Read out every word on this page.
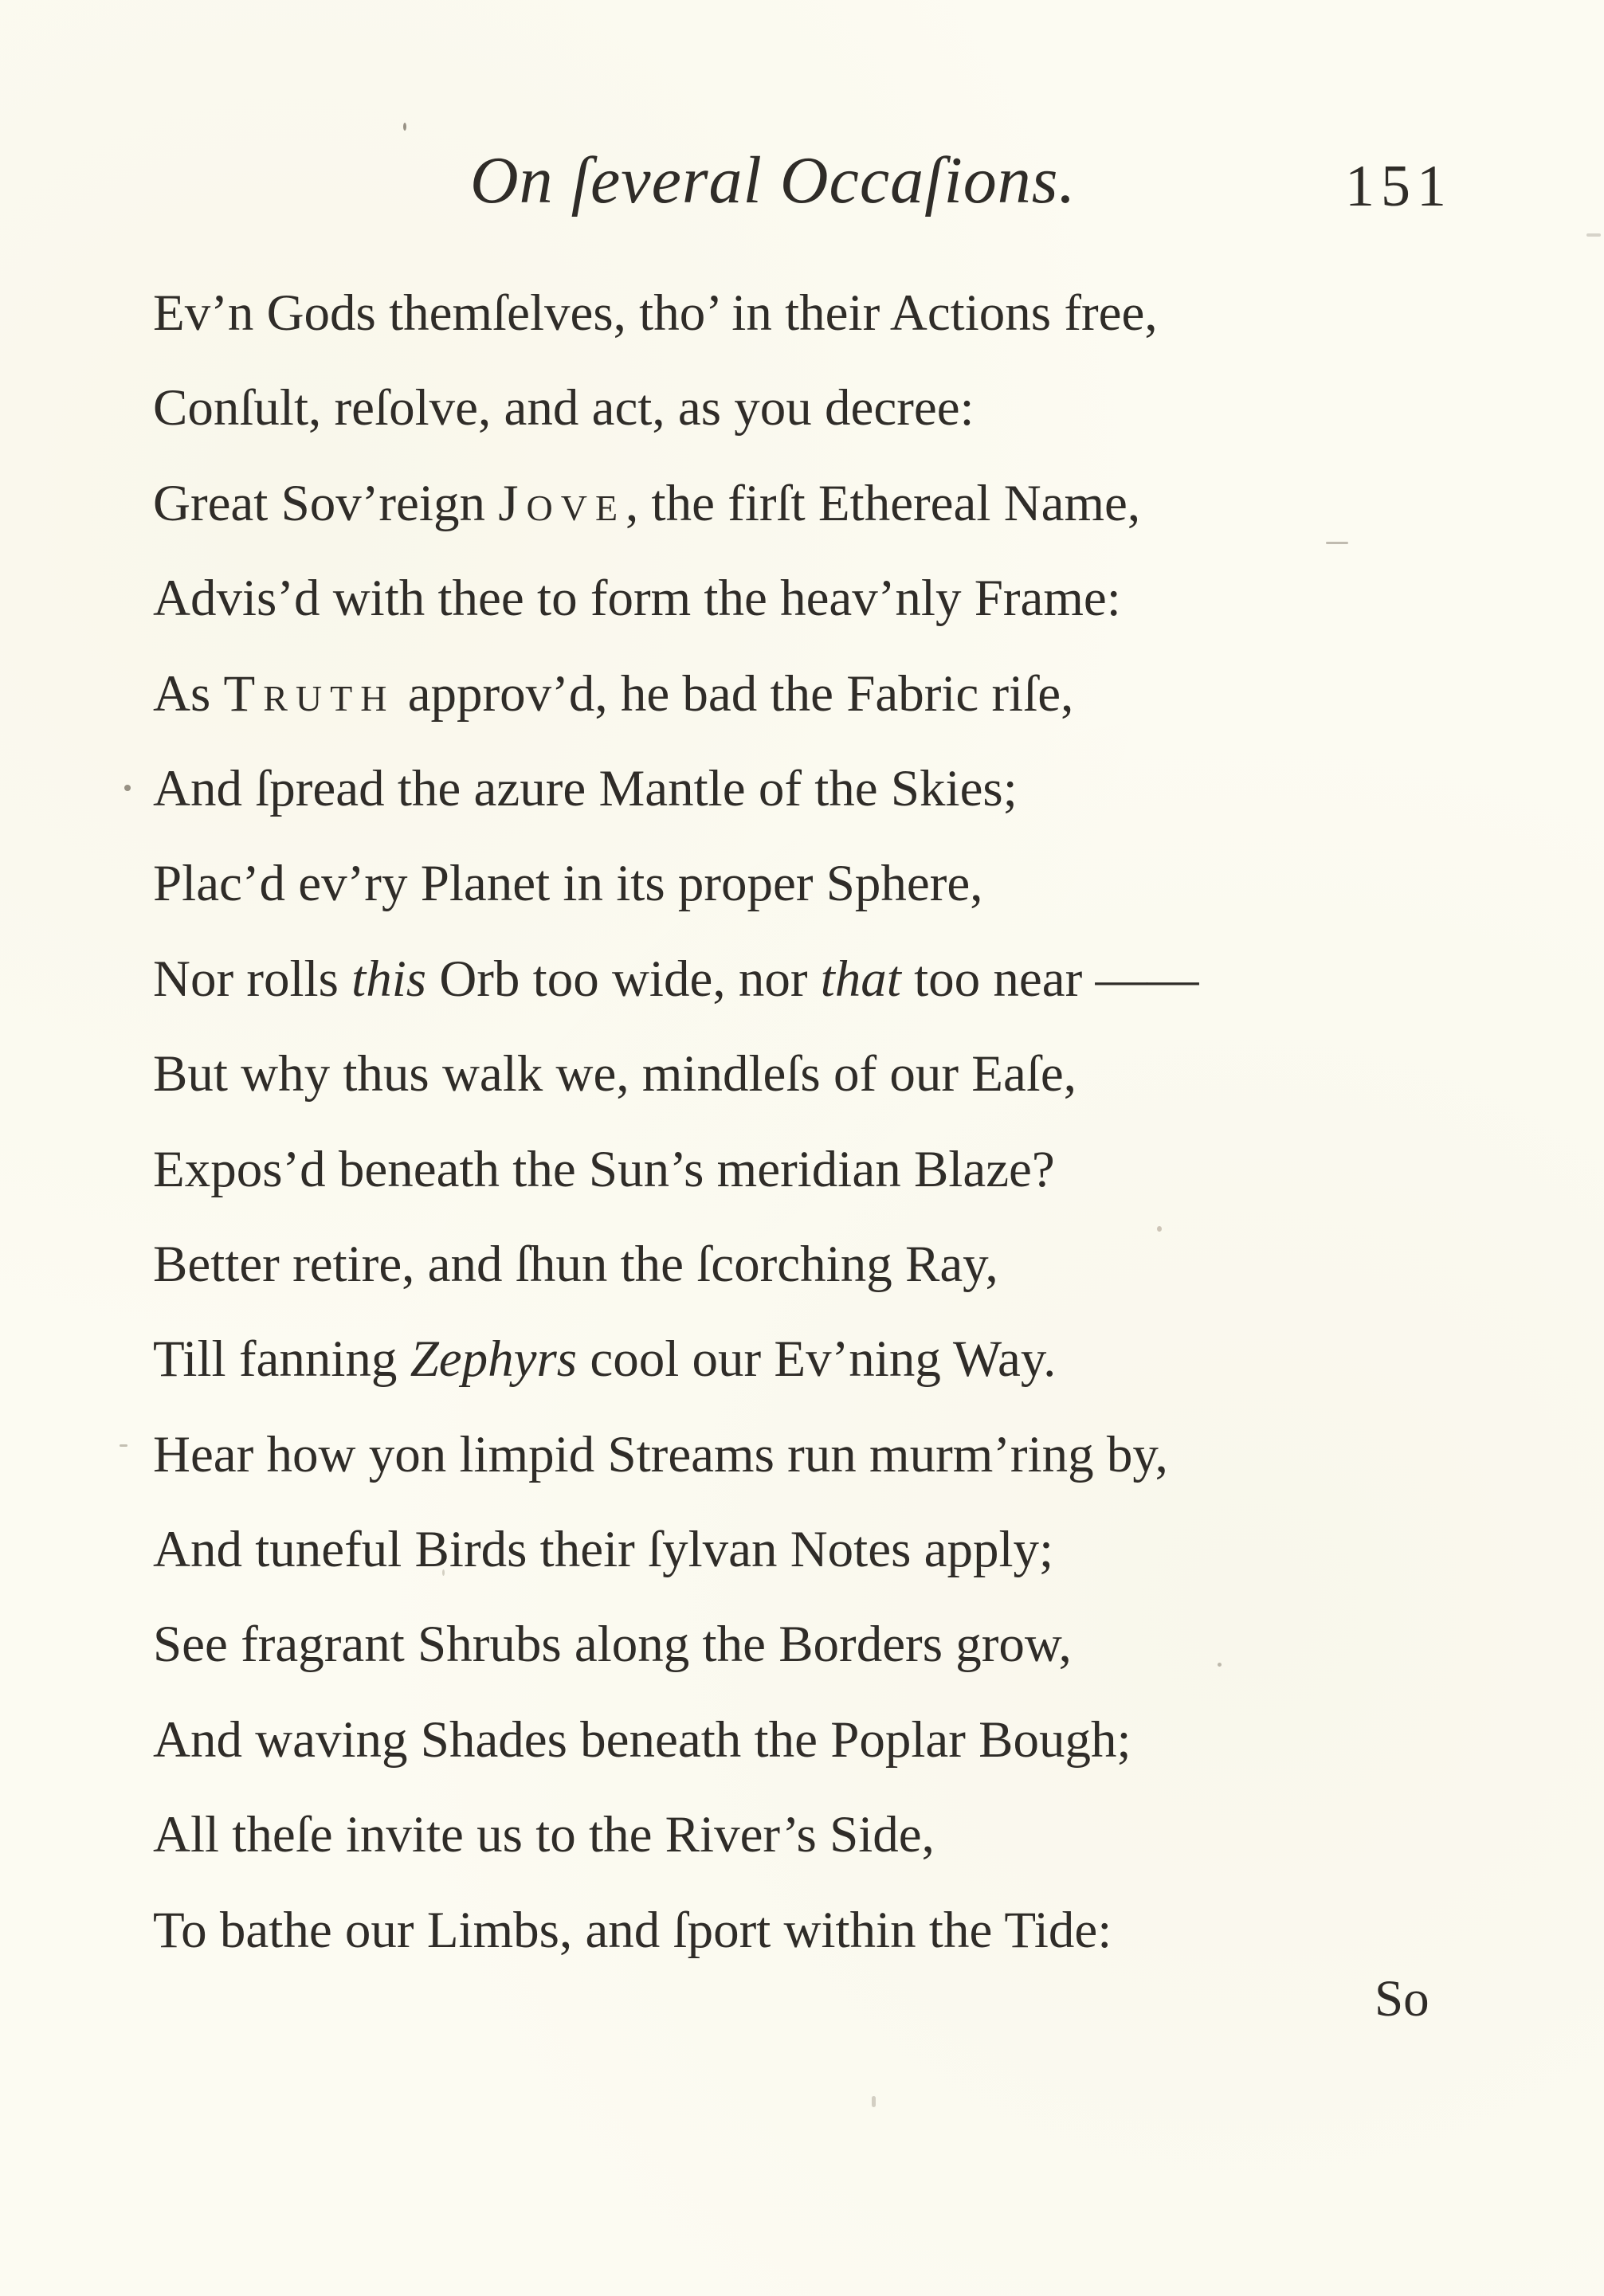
On ſeveral Occaſions.	151
Ev’n Gods themſelves, tho’ in their Actions free,
Conſult, reſolve, and act, as you decree:
Great Sov’reign Jove, the firſt Ethereal Name,
Advis’d with thee to form the heav’nly Frame:
As Truth approv’d, he bad the Fabric riſe,
And ſpread the azure Mantle of the Skies;
Plac’d ev’ry Planet in its proper Sphere,
Nor rolls this Orb too wide, nor that too near ——
But why thus walk we, mindleſs of our Eaſe,
Expos’d beneath the Sun’s meridian Blaze?
Better retire, and ſhun the ſcorching Ray,
Till fanning Zephyrs cool our Ev’ning Way.
Hear how yon limpid Streams run murm’ring by,
And tuneful Birds their ſylvan Notes apply;
See fragrant Shrubs along the Borders grow,
And waving Shades beneath the Poplar Bough;
All theſe invite us to the River’s Side,
To bathe our Limbs, and ſport within the Tide:
So
